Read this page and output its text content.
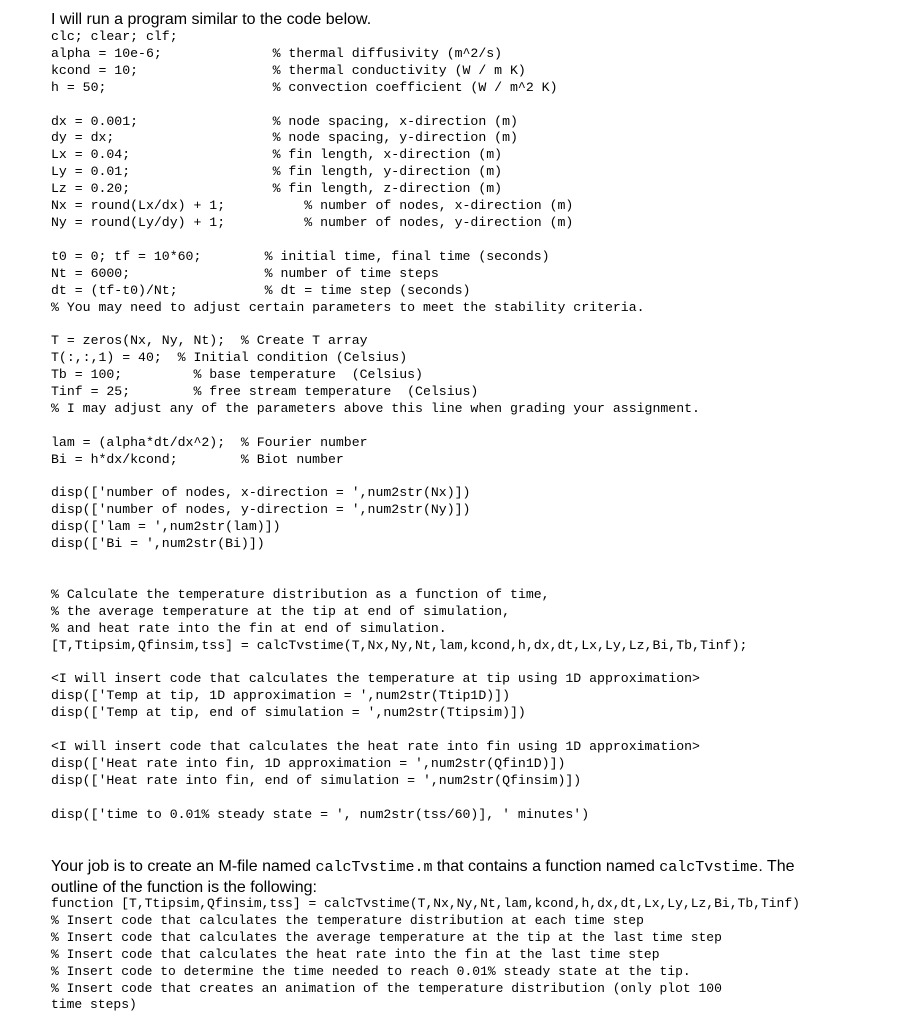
I will run a program similar to the code below.
clc; clear; clf;
alpha = 10e-6;              % thermal diffusivity (m^2/s)
kcond = 10;                 % thermal conductivity (W / m K)
h = 50;                     % convection coefficient (W / m^2 K)

dx = 0.001;                 % node spacing, x-direction (m)
dy = dx;                    % node spacing, y-direction (m)
Lx = 0.04;                  % fin length, x-direction (m)
Ly = 0.01;                  % fin length, y-direction (m)
Lz = 0.20;                  % fin length, z-direction (m)
Nx = round(Lx/dx) + 1;          % number of nodes, x-direction (m)
Ny = round(Ly/dy) + 1;          % number of nodes, y-direction (m)

t0 = 0; tf = 10*60;        % initial time, final time (seconds)
Nt = 6000;                 % number of time steps
dt = (tf-t0)/Nt;           % dt = time step (seconds)
% You may need to adjust certain parameters to meet the stability criteria.

T = zeros(Nx, Ny, Nt);  % Create T array
T(:,:,1) = 40;  % Initial condition (Celsius)
Tb = 100;         % base temperature  (Celsius)
Tinf = 25;        % free stream temperature  (Celsius)
% I may adjust any of the parameters above this line when grading your assignment.

lam = (alpha*dt/dx^2);  % Fourier number
Bi = h*dx/kcond;        % Biot number

disp(['number of nodes, x-direction = ',num2str(Nx)])
disp(['number of nodes, y-direction = ',num2str(Ny)])
disp(['lam = ',num2str(lam)])
disp(['Bi = ',num2str(Bi)])

% Calculate the temperature distribution as a function of time,
% the average temperature at the tip at end of simulation,
% and heat rate into the fin at end of simulation.
[T,Ttipsim,Qfinsim,tss] = calcTvstime(T,Nx,Ny,Nt,lam,kcond,h,dx,dt,Lx,Ly,Lz,Bi,Tb,Tinf);

<I will insert code that calculates the temperature at tip using 1D approximation>
disp(['Temp at tip, 1D approximation = ',num2str(Ttip1D)])
disp(['Temp at tip, end of simulation = ',num2str(Ttipsim)])

<I will insert code that calculates the heat rate into fin using 1D approximation>
disp(['Heat rate into fin, 1D approximation = ',num2str(Qfin1D)])
disp(['Heat rate into fin, end of simulation = ',num2str(Qfinsim)])

disp(['time to 0.01% steady state = ', num2str(tss/60)], ' minutes')
Your job is to create an M-file named calcTvstime.m that contains a function named calcTvstime. The
outline of the function is the following:
function [T,Ttipsim,Qfinsim,tss] = calcTvstime(T,Nx,Ny,Nt,lam,kcond,h,dx,dt,Lx,Ly,Lz,Bi,Tb,Tinf)
% Insert code that calculates the temperature distribution at each time step
% Insert code that calculates the average temperature at the tip at the last time step
% Insert code that calculates the heat rate into the fin at the last time step
% Insert code to determine the time needed to reach 0.01% steady state at the tip.
% Insert code that creates an animation of the temperature distribution (only plot 100
time steps)
